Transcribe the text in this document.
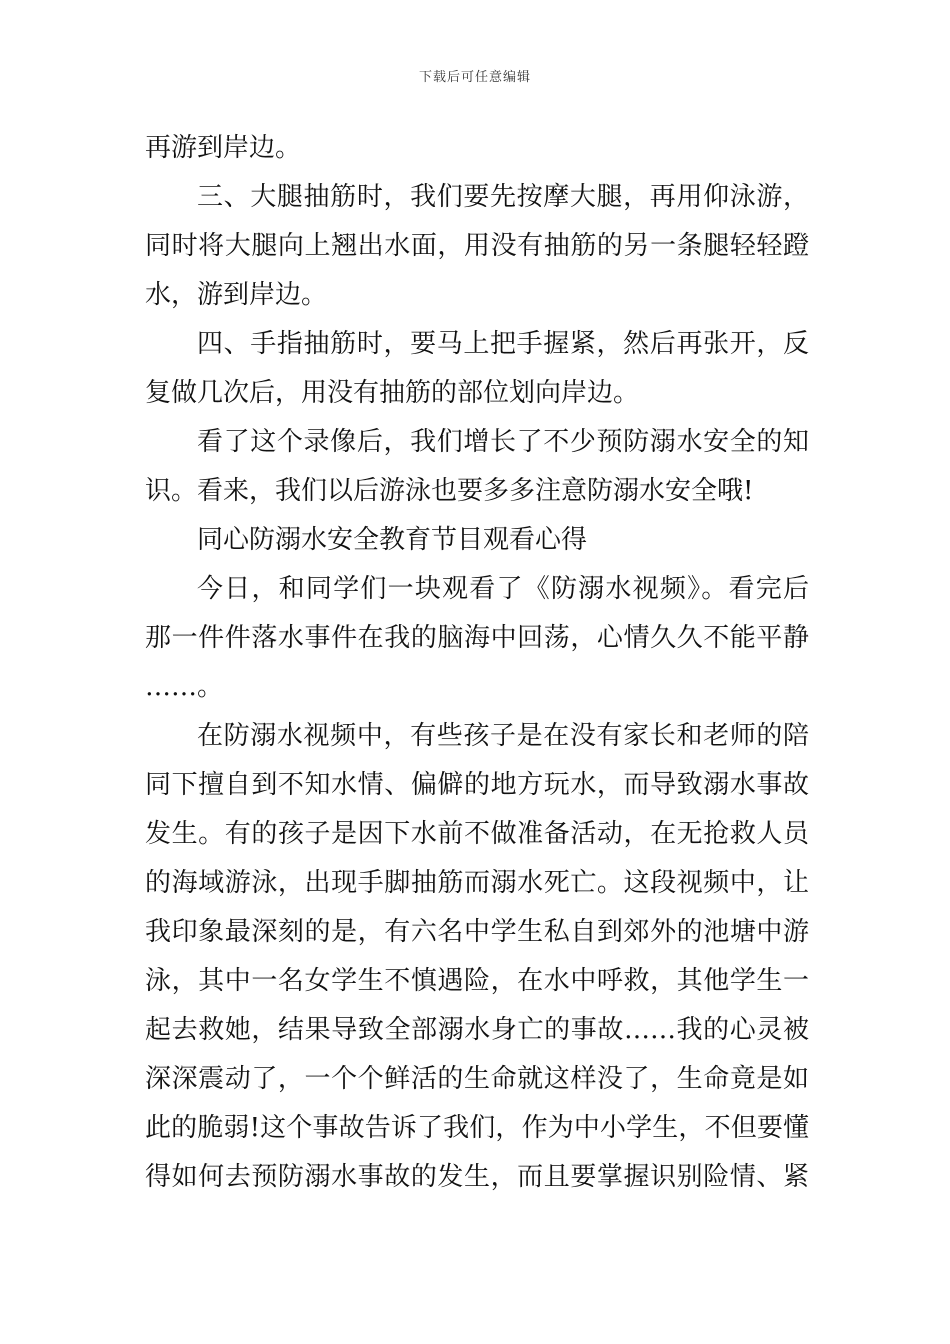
下载后可任意编辑
再游到岸边。
三、大腿抽筋时，我们要先按摩大腿，再用仰泳游，
同时将大腿向上翘出水面，用没有抽筋的另一条腿轻轻蹬
水，游到岸边。
四、手指抽筋时，要马上把手握紧，然后再张开，反
复做几次后，用没有抽筋的部位划向岸边。
看了这个录像后，我们增长了不少预防溺水安全的知
识。看来，我们以后游泳也要多多注意防溺水安全哦!
同心防溺水安全教育节目观看心得
今日，和同学们一块观看了《防溺水视频》。看完后
那一件件落水事件在我的脑海中回荡，心情久久不能平静
……。
在防溺水视频中，有些孩子是在没有家长和老师的陪
同下擅自到不知水情、偏僻的地方玩水，而导致溺水事故
发生。有的孩子是因下水前不做准备活动，在无抢救人员
的海域游泳，出现手脚抽筋而溺水死亡。这段视频中，让
我印象最深刻的是，有六名中学生私自到郊外的池塘中游
泳，其中一名女学生不慎遇险，在水中呼救，其他学生一
起去救她，结果导致全部溺水身亡的事故……我的心灵被
深深震动了，一个个鲜活的生命就这样没了，生命竟是如
此的脆弱!这个事故告诉了我们，作为中小学生，不但要懂
得如何去预防溺水事故的发生，而且要掌握识别险情、紧
